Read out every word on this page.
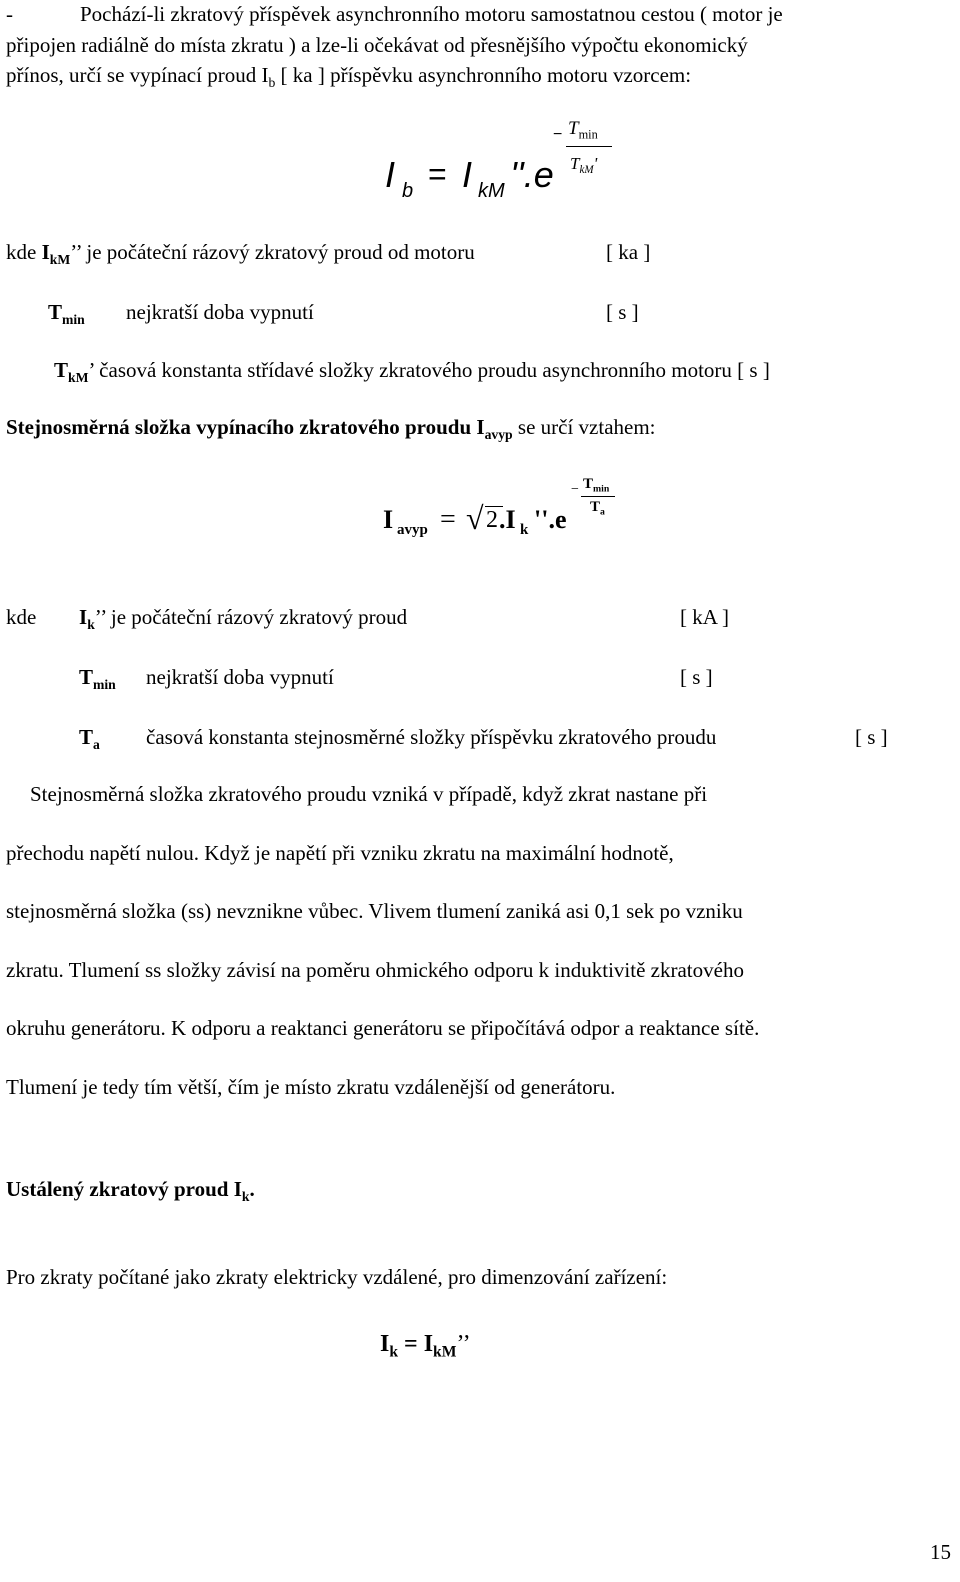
-	Pochází-li zkratový příspěvek asynchronního motoru samostatnou cestou ( motor je
připojen radiálně do místa zkratu ) a lze-li očekávat od přesnějšího výpočtu ekonomický
přínos, určí se vypínací proud $I_b$ [ ka ] příspěvku asynchronního motoru vzorcem:
I b = I kM ''.e
− $T_{min}$
$T_{kM}'$
kde $I_{kM}$’’ je počáteční rázový zkratový proud od motoru	[ ka ]
$T_{min}$ nejkratší doba vypnutí	[ s ]
$T_{kM}$’ časová konstanta střídavé složky zkratového proudu asynchronního motoru [ s ]
Stejnosměrná složka vypínacího zkratového proudu $I_{avyp}$ se určí vztahem:
I avyp = √ 2 .I k ''.e
− $T_{min}$
$T_a$
kde $I_k$’’ je počáteční rázový zkratový proud	[ kA ]
$T_{min}$ nejkratší doba vypnutí	[ s ]
$T_a$ časová konstanta stejnosměrné složky příspěvku zkratového proudu	[ s ]
Stejnosměrná složka zkratového proudu vzniká v případě, když zkrat nastane při
přechodu napětí nulou. Když je napětí při vzniku zkratu na maximální hodnotě,
stejnosměrná složka (ss) nevznikne vůbec. Vlivem tlumení zaniká asi 0,1 sek po vzniku
zkratu. Tlumení ss složky závisí na poměru ohmického odporu k induktivitě zkratového
okruhu generátoru. K odporu a reaktanci generátoru se připočítává odpor a reaktance sítě.
Tlumení je tedy tím větší, čím je místo zkratu vzdálenější od generátoru.
Ustálený zkratový proud $I_k$.
Pro zkraty počítané jako zkraty elektricky vzdálené, pro dimenzování zařízení:
$I_k = I_{kM}$’’
15
